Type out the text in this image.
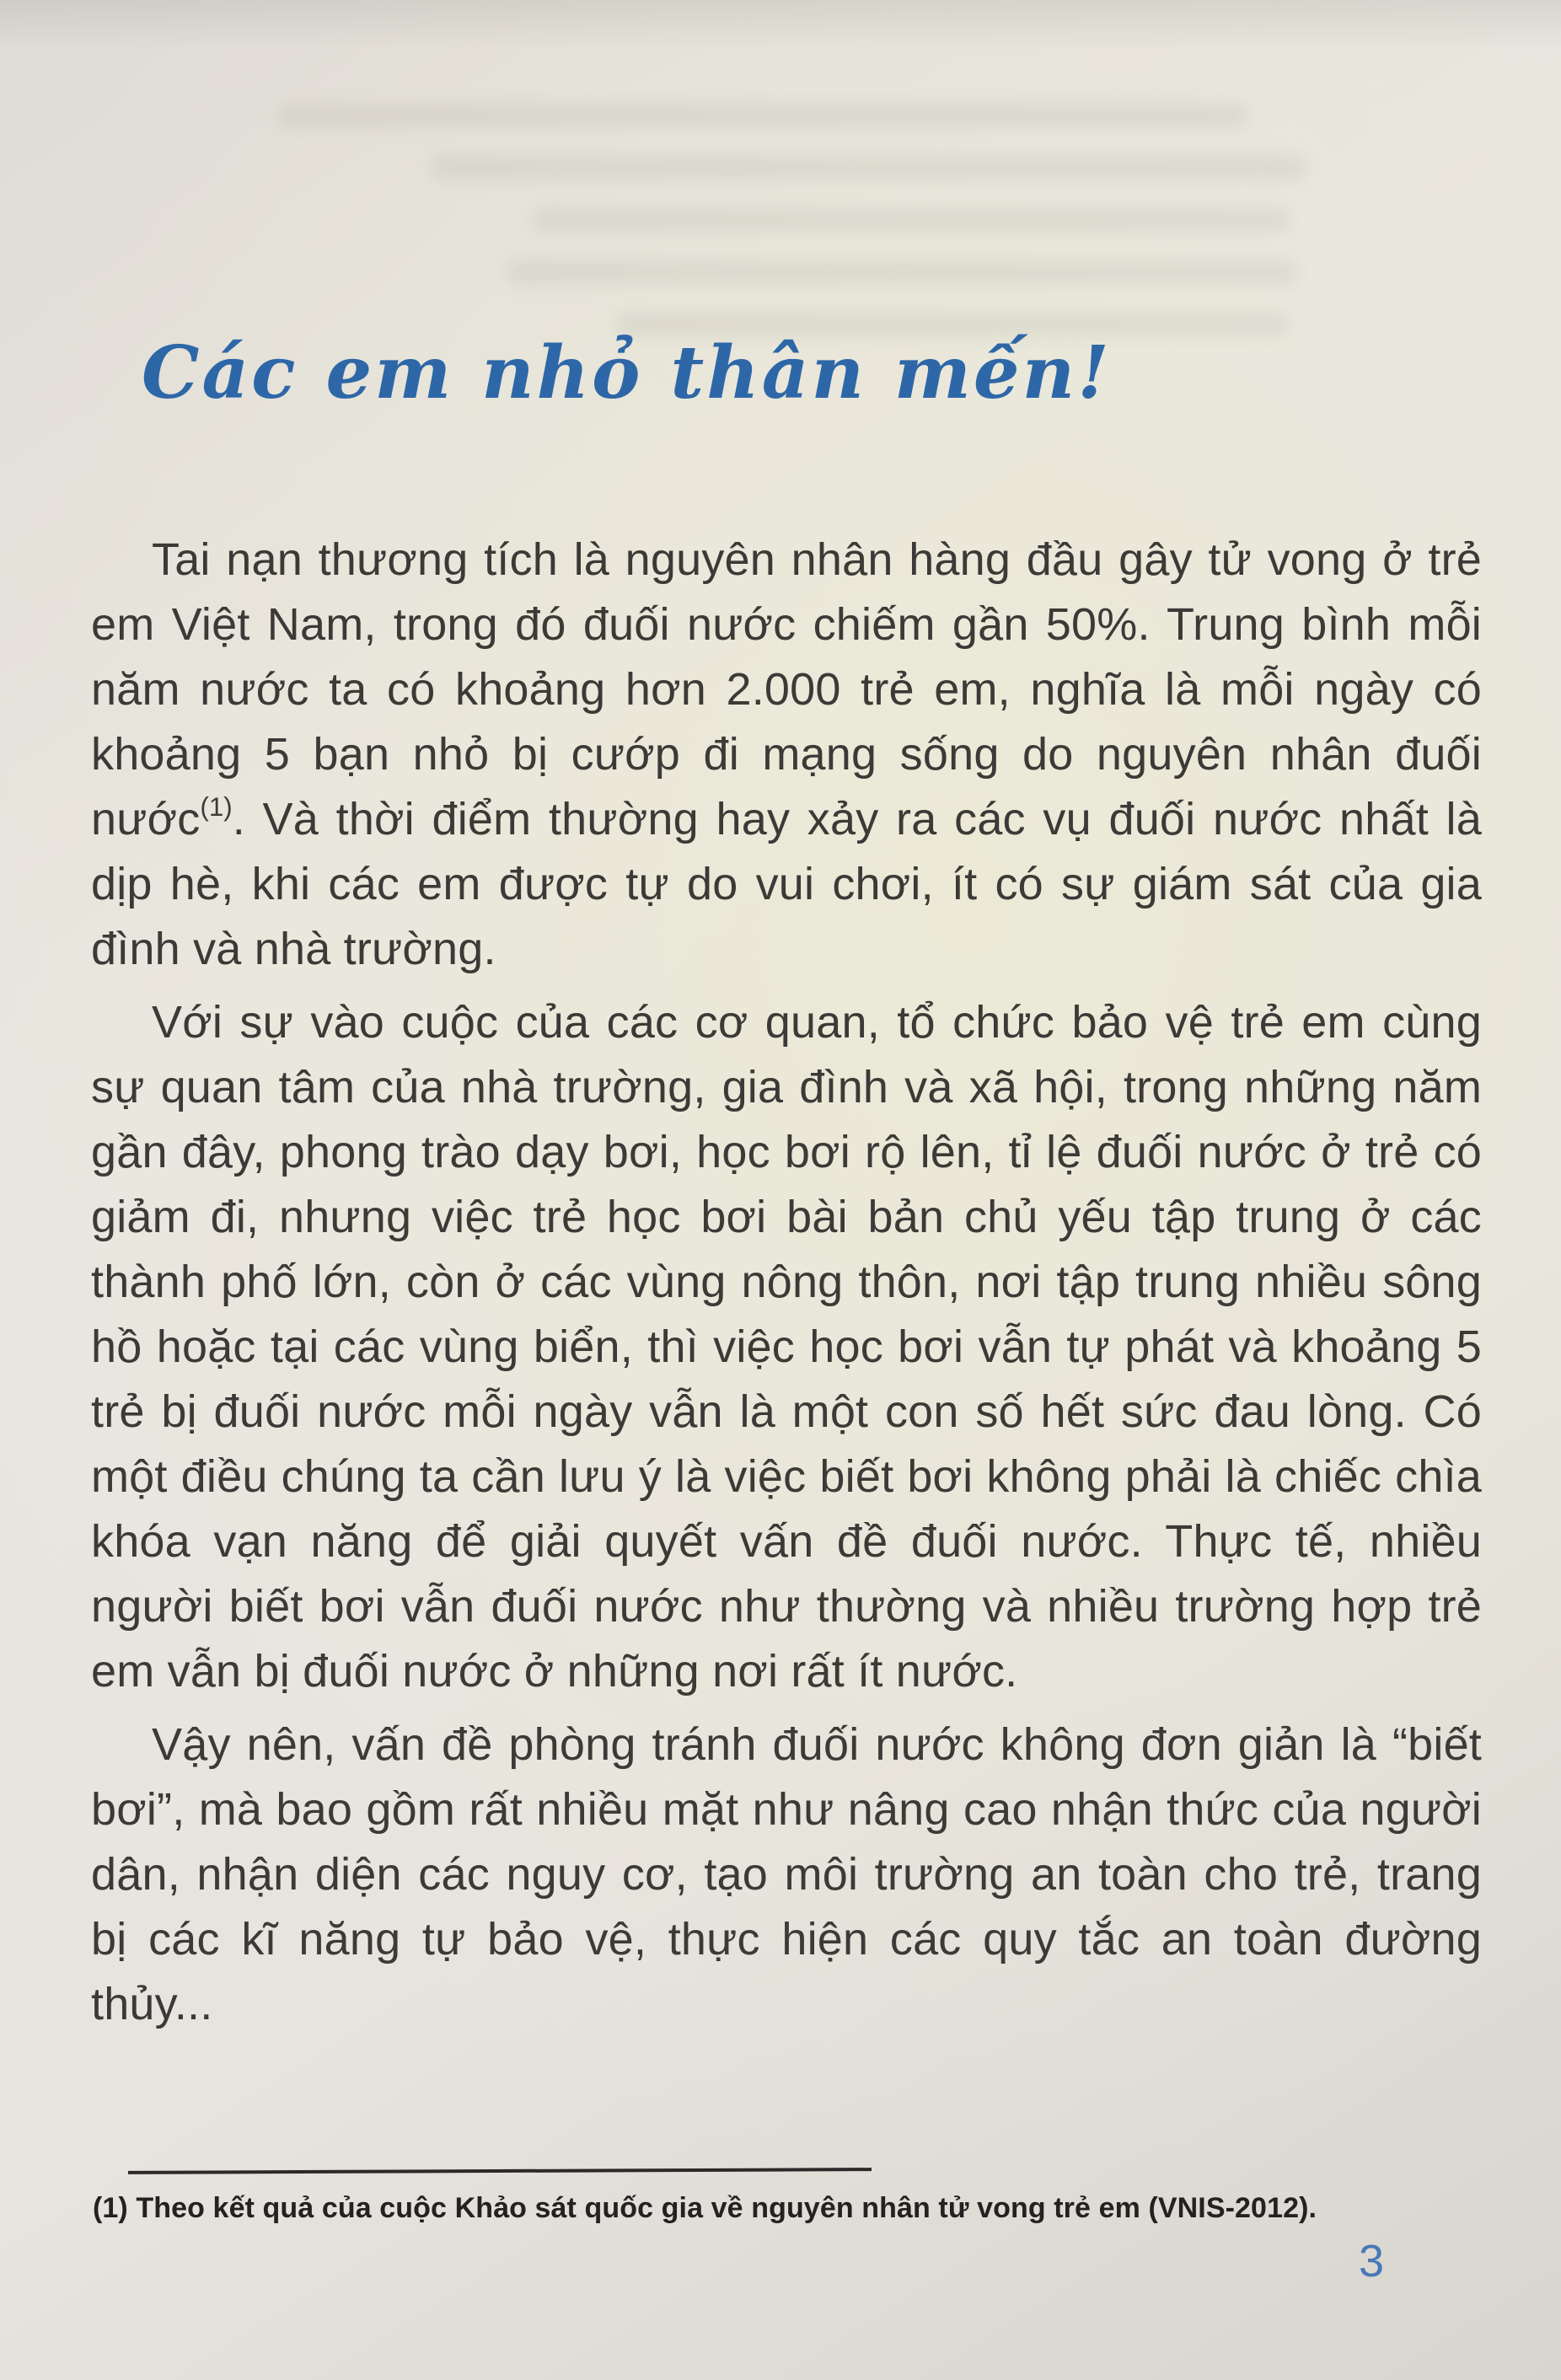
Các em nhỏ thân mến!

Tai nạn thương tích là nguyên nhân hàng đầu gây tử vong ở trẻ em Việt Nam, trong đó đuối nước chiếm gần 50%. Trung bình mỗi năm nước ta có khoảng hơn 2.000 trẻ em, nghĩa là mỗi ngày có khoảng 5 bạn nhỏ bị cướp đi mạng sống do nguyên nhân đuối nước$^{(1)}$. Và thời điểm thường hay xảy ra các vụ đuối nước nhất là dịp hè, khi các em được tự do vui chơi, ít có sự giám sát của gia đình và nhà trường.

Với sự vào cuộc của các cơ quan, tổ chức bảo vệ trẻ em cùng sự quan tâm của nhà trường, gia đình và xã hội, trong những năm gần đây, phong trào dạy bơi, học bơi rộ lên, tỉ lệ đuối nước ở trẻ có giảm đi, nhưng việc trẻ học bơi bài bản chủ yếu tập trung ở các thành phố lớn, còn ở các vùng nông thôn, nơi tập trung nhiều sông hồ hoặc tại các vùng biển, thì việc học bơi vẫn tự phát và khoảng 5 trẻ bị đuối nước mỗi ngày vẫn là một con số hết sức đau lòng. Có một điều chúng ta cần lưu ý là việc biết bơi không phải là chiếc chìa khóa vạn năng để giải quyết vấn đề đuối nước. Thực tế, nhiều người biết bơi vẫn đuối nước như thường và nhiều trường hợp trẻ em vẫn bị đuối nước ở những nơi rất ít nước.

Vậy nên, vấn đề phòng tránh đuối nước không đơn giản là “biết bơi”, mà bao gồm rất nhiều mặt như nâng cao nhận thức của người dân, nhận diện các nguy cơ, tạo môi trường an toàn cho trẻ, trang bị các kĩ năng tự bảo vệ, thực hiện các quy tắc an toàn đường thủy...

(1) Theo kết quả của cuộc Khảo sát quốc gia về nguyên nhân tử vong trẻ em (VNIS-2012).

3
